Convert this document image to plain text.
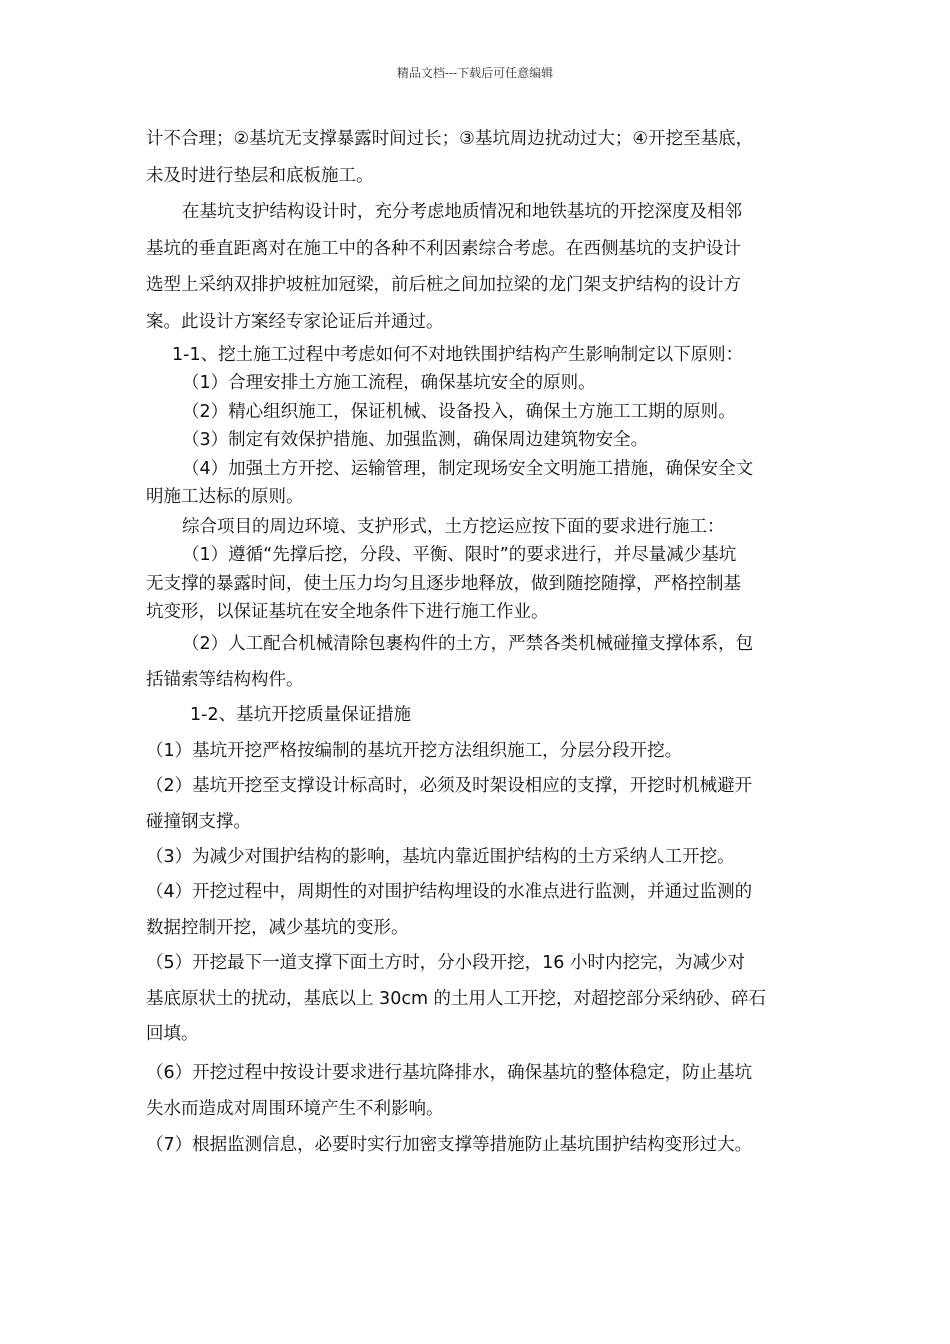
精品文档---下载后可任意编辑
计不合理；②基坑无支撑暴露时间过长；③基坑周边扰动过大；④开挖至基底，
未及时进行垫层和底板施工。
在基坑支护结构设计时，充分考虑地质情况和地铁基坑的开挖深度及相邻
基坑的垂直距离对在施工中的各种不利因素综合考虑。在西侧基坑的支护设计
选型上采纳双排护坡桩加冠梁，前后桩之间加拉梁的龙门架支护结构的设计方
案。此设计方案经专家论证后并通过。
1-1、挖土施工过程中考虑如何不对地铁围护结构产生影响制定以下原则：
（1）合理安排土方施工流程，确保基坑安全的原则。
（2）精心组织施工，保证机械、设备投入，确保土方施工工期的原则。
（3）制定有效保护措施、加强监测，确保周边建筑物安全。
（4）加强土方开挖、运输管理，制定现场安全文明施工措施，确保安全文
明施工达标的原则。
综合项目的周边环境、支护形式，土方挖运应按下面的要求进行施工：
（1）遵循“先撑后挖，分段、平衡、限时”的要求进行，并尽量减少基坑
无支撑的暴露时间，使土压力均匀且逐步地释放，做到随挖随撑，严格控制基
坑变形，以保证基坑在安全地条件下进行施工作业。
（2）人工配合机械清除包裹构件的土方，严禁各类机械碰撞支撑体系，包
括锚索等结构构件。
1-2、基坑开挖质量保证措施
（1）基坑开挖严格按编制的基坑开挖方法组织施工，分层分段开挖。
（2）基坑开挖至支撑设计标高时，必须及时架设相应的支撑，开挖时机械避开
碰撞钢支撑。
（3）为减少对围护结构的影响，基坑内靠近围护结构的土方采纳人工开挖。
（4）开挖过程中，周期性的对围护结构埋设的水准点进行监测，并通过监测的
数据控制开挖，减少基坑的变形。
（5）开挖最下一道支撑下面土方时，分小段开挖，16 小时内挖完，为减少对
基底原状土的扰动，基底以上 30cm 的土用人工开挖，对超挖部分采纳砂、碎石
回填。
（6）开挖过程中按设计要求进行基坑降排水，确保基坑的整体稳定，防止基坑
失水而造成对周围环境产生不利影响。
（7）根据监测信息，必要时实行加密支撑等措施防止基坑围护结构变形过大。
